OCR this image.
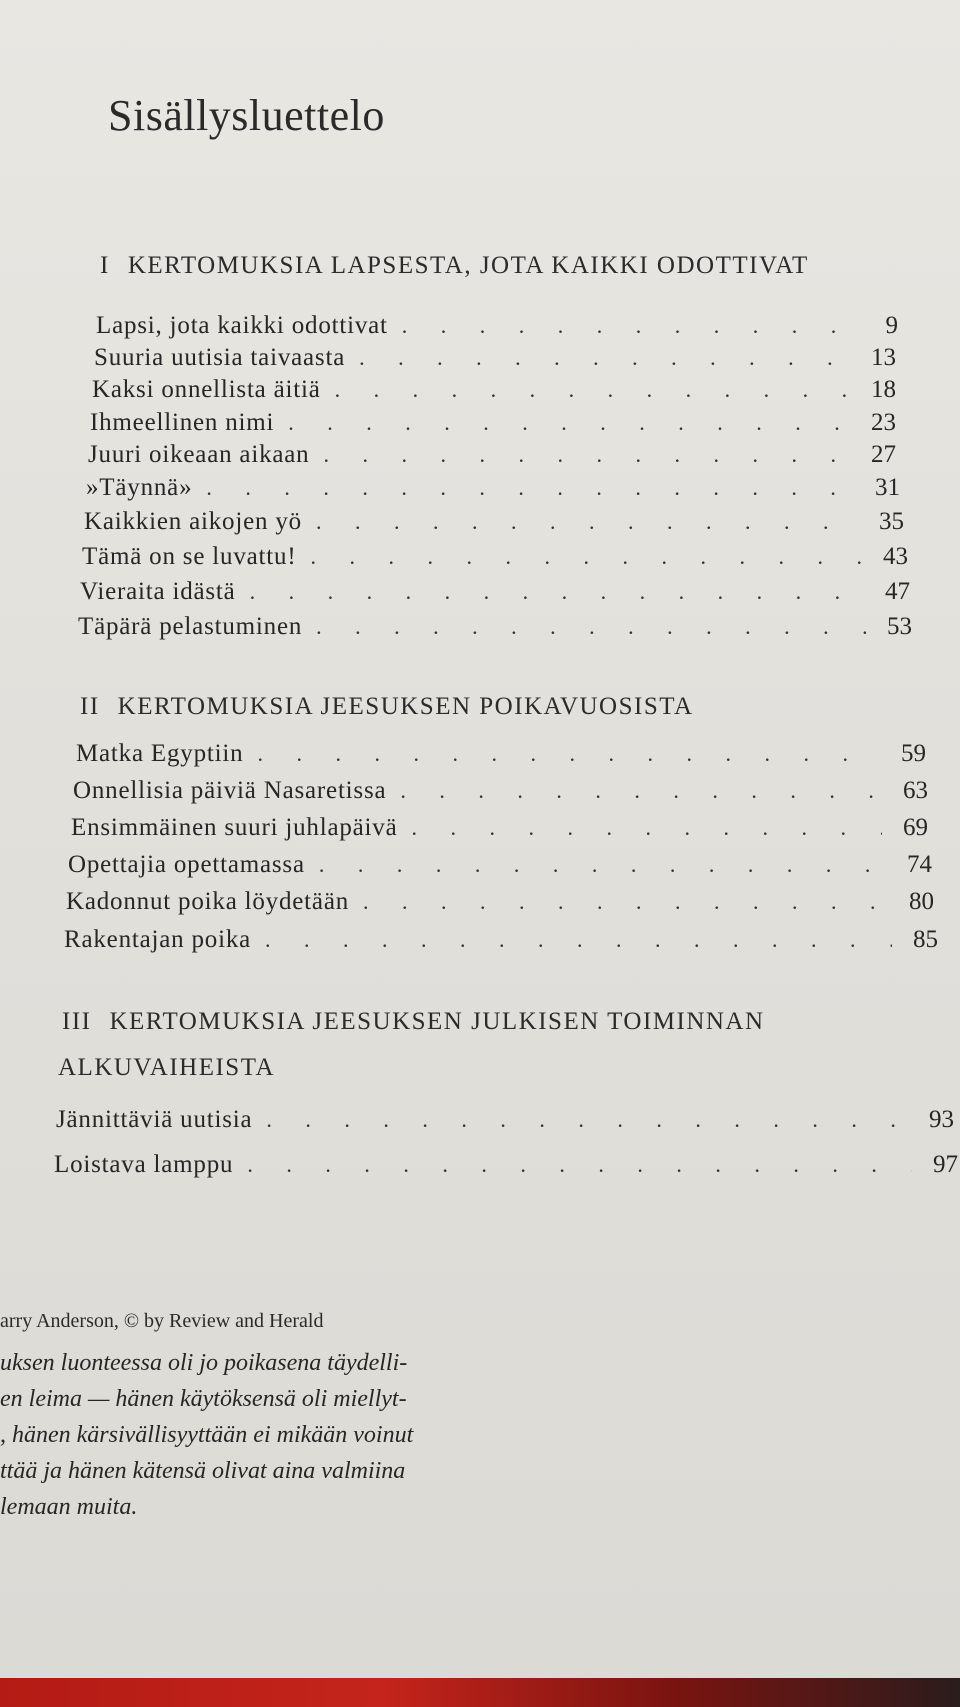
Sisällysluettelo
I KERTOMUKSIA LAPSESTA, JOTA KAIKKI ODOTTIVAT
Lapsi, jota kaikki odottivat . . .	9
Suuria uutisia taivaasta . . .	13
Kaksi onnellista äitiä . . .	18
Ihmeellinen nimi . . .	23
Juuri oikeaan aikaan . . .	27
»Täynnä» . . .	31
Kaikkien aikojen yö . . .	35
Tämä on se luvattu! . . .	43
Vieraita idästä . . .	47
Täpärä pelastuminen . . .	53
II KERTOMUKSIA JEESUKSEN POIKAVUOSISTA
Matka Egyptiin . . .	59
Onnellisia päiviä Nasaretissa . . .	63
Ensimmäinen suuri juhlapäivä . . .	69
Opettajia opettamassa . . .	74
Kadonnut poika löydetään . . .	80
Rakentajan poika . . .	85
III KERTOMUKSIA JEESUKSEN JULKISEN TOIMINNAN
ALKUVAIHEISTA
Jännittäviä uutisia . . .	93
Loistava lamppu . . .	97
arry Anderson, © by Review and Herald
uksen luonteessa oli jo poikasena täydelli-
en leima — hänen käytöksensä oli miellyt-
, hänen kärsivällisyyttään ei mikään voinut
ttää ja hänen kätensä olivat aina valmiina
lemaan muita.
